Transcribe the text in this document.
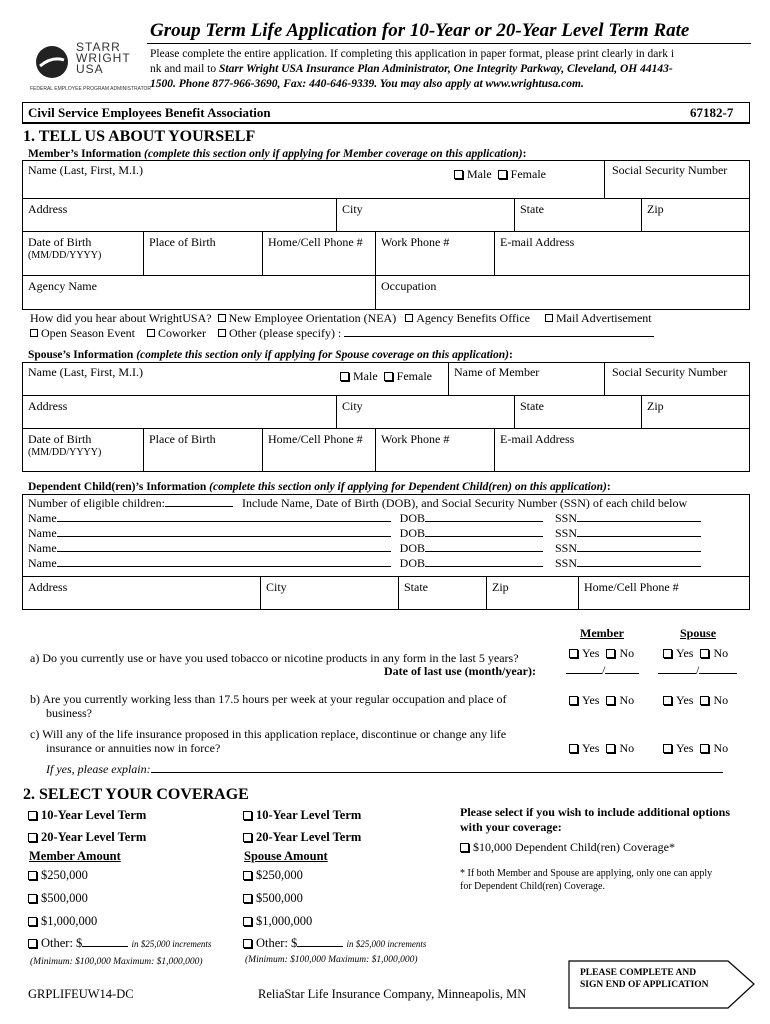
STARR
WRIGHT
USA
FEDERAL EMPLOYEE PROGRAM ADMINISTRATOR
Group Term Life Application for 10-Year or 20-Year Level Term Rate
Please complete the entire application. If completing this application in paper format, please print clearly in dark i
nk and mail to Starr Wright USA Insurance Plan Administrator, One Integrity Parkway, Cleveland, OH 44143-
1500. Phone 877-966-3690, Fax: 440-646-9339. You may also apply at www.wrightusa.com.
Civil Service Employees Benefit Association	67182-7
1. TELL US ABOUT YOURSELF
Member’s Information (complete this section only if applying for Member coverage on this application):
Name (Last, First, M.I.)	Male Female	Social Security Number
Address	City	State	Zip
Date of Birth
(MM/DD/YYYY)
Place of Birth	Home/Cell Phone #	Work Phone #	E-mail Address
Agency Name	Occupation
How did you hear about WrightUSA? New Employee Orientation (NEA) Agency Benefits Office Mail Advertisement
Open Season Event Coworker Other (please specify) :
Spouse’s Information (complete this section only if applying for Spouse coverage on this application):
Name (Last, First, M.I.)	Male Female	Name of Member	Social Security Number
Address	City	State	Zip
Date of Birth
(MM/DD/YYYY)
Place of Birth	Home/Cell Phone #	Work Phone #	E-mail Address
Dependent Child(ren)’s Information (complete this section only if applying for Dependent Child(ren) on this application):
Number of eligible children:	Include Name, Date of Birth (DOB), and Social Security Number (SSN) of each child below
Name	DOB	SSN
Name	DOB	SSN
Name	DOB	SSN
Name	DOB	SSN
Address	City	State	Zip	Home/Cell Phone #
Member	Spouse
a) Do you currently use or have you used tobacco or nicotine products in any form in the last 5 years?
Date of last use (month/year):
Yes No	Yes No
/	/
b) Are you currently working less than 17.5 hours per week at your regular occupation and place of
business?
Yes No	Yes No
c) Will any of the life insurance proposed in this application replace, discontinue or change any life
insurance or annuities now in force?	Yes No	Yes No
If yes, please explain:
2. SELECT YOUR COVERAGE
10-Year Level Term	10-Year Level Term
20-Year Level Term	20-Year Level Term
Member Amount	Spouse Amount
$250,000	$250,000
$500,000	$500,000
$1,000,000	$1,000,000
Other: $	in $25,000 increments	Other: $	in $25,000 increments
(Minimum: $100,000 Maximum: $1,000,000)	(Minimum: $100,000 Maximum: $1,000,000)
Please select if you wish to include additional options
with your coverage:
$10,000 Dependent Child(ren) Coverage*
* If both Member and Spouse are applying, only one can apply
for Dependent Child(ren) Coverage.
PLEASE COMPLETE AND
SIGN END OF APPLICATION
GRPLIFEUW14-DC	ReliaStar Life Insurance Company, Minneapolis, MN
